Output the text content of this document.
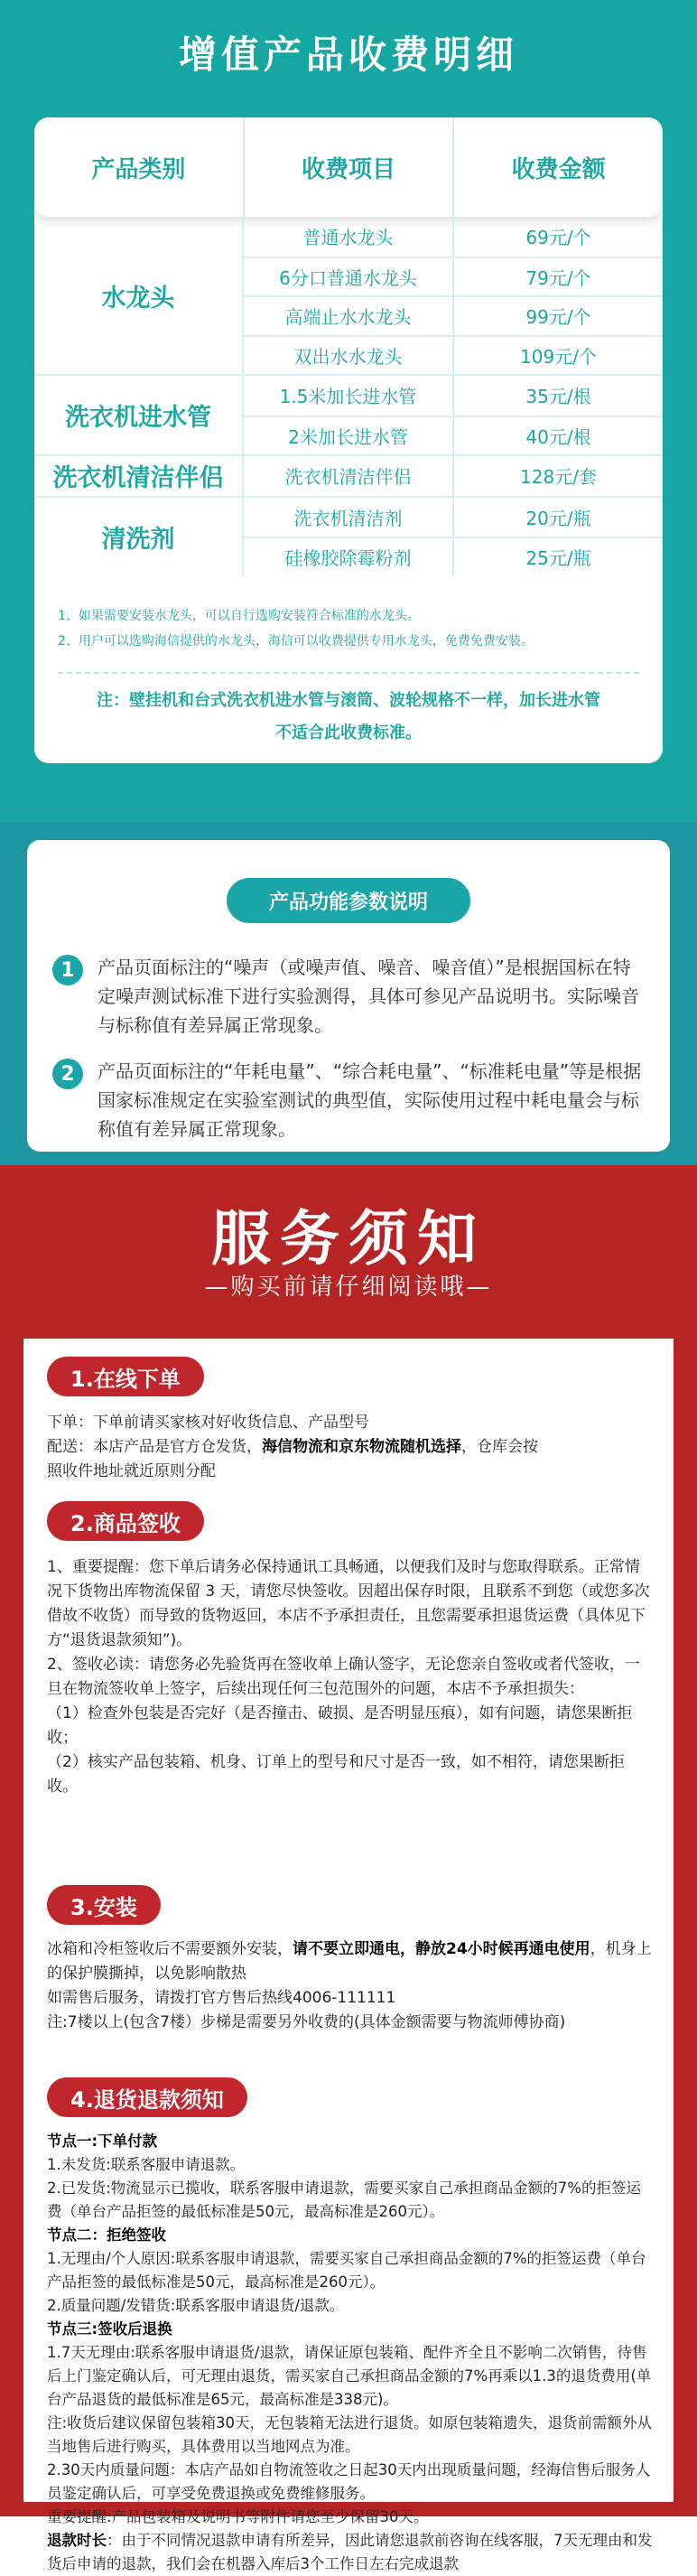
增值产品收费明细
产品类别	收费项目	收费金额
水龙头
普通水龙头	69元/个
6分口普通水龙头	79元/个
高端止水水龙头	99元/个
双出水水龙头	109元/个
洗衣机进水管
1.5米加长进水管	35元/根
2米加长进水管	40元/根
洗衣机清洁伴侣	洗衣机清洁伴侣	128元/套
清洗剂
洗衣机清洁剂	20元/瓶
硅橡胶除霉粉剂	25元/瓶

1、如果需要安装水龙头，可以自行选购安装符合标准的水龙头。

2、用户可以选购海信提供的水龙头，海信可以收费提供专用水龙头，免费免费安装。

注：壁挂机和台式洗衣机进水管与滚筒、波轮规格不一样，加长进水管
不适合此收费标准。
产品功能参数说明
1	产品页面标注的“噪声（或噪声值、噪音、噪音值）”是根据国标在特定噪声测试标准下进行实验测得，具体可参见产品说明书。实际噪音与标称值有差异属正常现象。
2	产品页面标注的“年耗电量”、“综合耗电量”、“标准耗电量”等是根据国家标准规定在实验室测试的典型值，实际使用过程中耗电量会与标称值有差异属正常现象。
服务须知
—购买前请仔细阅读哦—
1.在线下单

下单：下单前请买家核对好收货信息、产品型号

配送：本店产品是官方仓发货，海信物流和京东物流随机选择，仓库会按

照收件地址就近原则分配

2.商品签收

1、重要提醒：您下单后请务必保持通讯工具畅通，以便我们及时与您取得联系。正常情况下货物出库物流保留 3 天，请您尽快签收。因超出保存时限，且联系不到您（或您多次借故不收货）而导致的货物返回，本店不予承担责任，且您需要承担退货运费（具体见下方“退货退款须知”)。

2、签收必读：请您务必先验货再在签收单上确认签字，无论您亲自签收或者代签收，一旦在物流签收单上签字，后续出现任何三包范围外的问题，本店不予承担损失：

（1）检查外包装是否完好（是否撞击、破损、是否明显压痕），如有问题，请您果断拒收；

（2）核实产品包装箱、机身、订单上的型号和尺寸是否一致，如不相符，请您果断拒收。

3.安装

冰箱和冷柜签收后不需要额外安装，请不要立即通电，静放24小时候再通电使用，机身上的保护膜撕掉，以免影响散热

如需售后服务，请拨打官方售后热线4006-111111

注:7楼以上(包含7楼）步梯是需要另外收费的(具体金额需要与物流师傅协商)

4.退货退款须知

节点一:下单付款

1.未发货:联系客服申请退款。

2.已发货:物流显示已揽收，联系客服申请退款，需要买家自己承担商品金额的7%的拒签运费（单台产品拒签的最低标准是50元，最高标准是260元）。

节点二：拒绝签收

1.无理由/个人原因:联系客服申请退款，需要买家自己承担商品金额的7%的拒签运费（单台产品拒签的最低标准是50元，最高标准是260元）。

2.质量问题/发错货:联系客服申请退货/退款。

节点三:签收后退换

1.7天无理由:联系客服申请退货/退款，请保证原包装箱、配件齐全且不影响二次销售，待售后上门鉴定确认后，可无理由退货，需买家自己承担商品金额的7%再乘以1.3的退货费用(单台产品退货的最低标准是65元，最高标准是338元)。

注:收货后建议保留包装箱30天，无包装箱无法进行退货。如原包装箱遗失，退货前需额外从当地售后进行购买，具体费用以当地网点为准。

2.30天内质量问题：本店产品如自物流签收之日起30天内出现质量问题，经海信售后服务人员鉴定确认后，可享受免费退换或免费维修服务。

重要提醒:产品包装箱及说明书等附件请您至少保留30天。

退款时长：由于不同情况退款申请有所差异，因此请您退款前咨询在线客服，7天无理由和发货后申请的退款，我们会在机器入库后3个工作日左右完成退款
